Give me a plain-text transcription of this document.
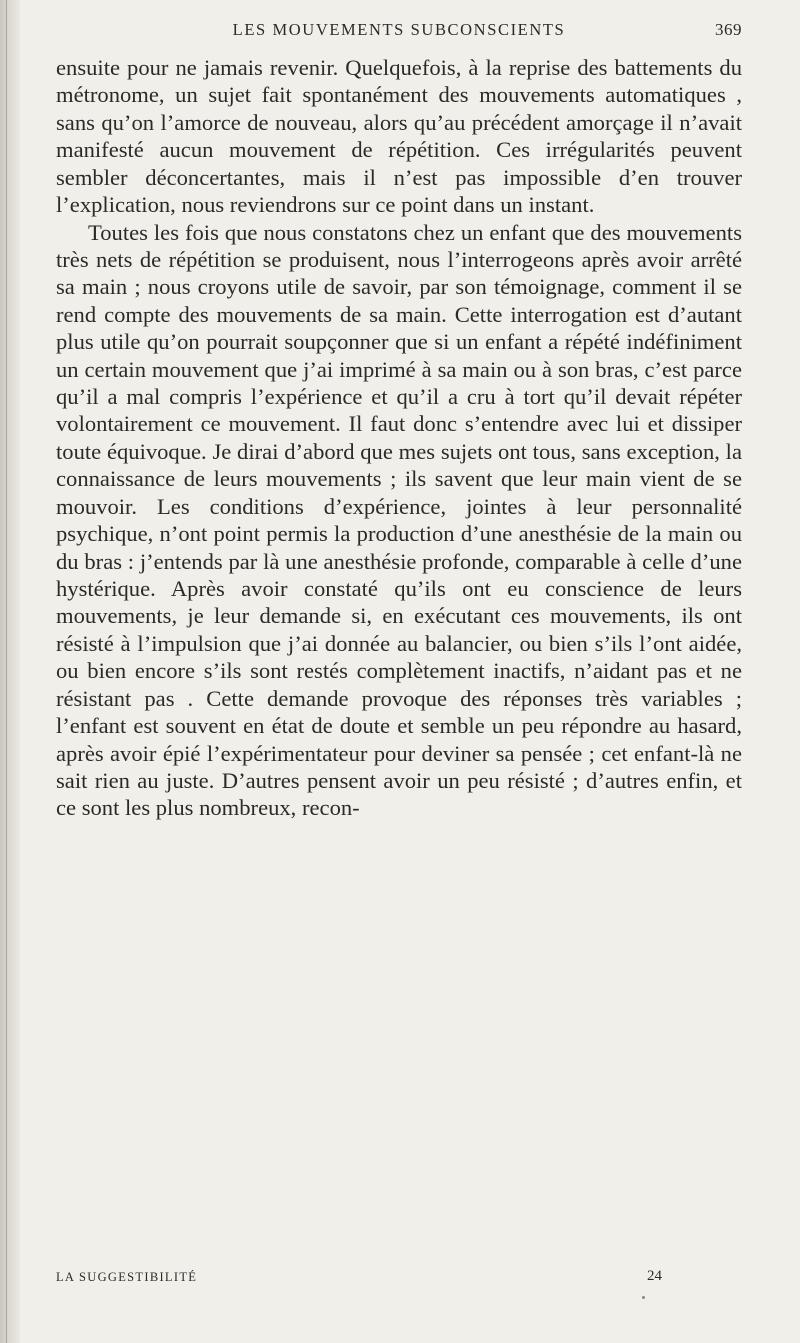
LES MOUVEMENTS SUBCONSCIENTS	369

ensuite pour ne jamais revenir. Quelquefois, à la reprise des battements du métronome, un sujet fait spontanément des mouvements automatiques , sans qu’on l’amorce de nouveau, alors qu’au précédent amorçage il n’avait manifesté aucun mouvement de répétition. Ces irrégularités peuvent sembler déconcertantes, mais il n’est pas impossible d’en trouver l’explication, nous reviendrons sur ce point dans un instant.

Toutes les fois que nous constatons chez un enfant que des mouvements très nets de répétition se produisent, nous l’interrogeons après avoir arrêté sa main ; nous croyons utile de savoir, par son témoignage, comment il se rend compte des mouvements de sa main. Cette interrogation est d’autant plus utile qu’on pourrait soupçonner que si un enfant a répété indéfiniment un certain mouvement que j’ai imprimé à sa main ou à son bras, c’est parce qu’il a mal compris l’expérience et qu’il a cru à tort qu’il devait répéter volontairement ce mouvement. Il faut donc s’entendre avec lui et dissiper toute équivoque. Je dirai d’abord que mes sujets ont tous, sans exception, la connaissance de leurs mouvements ; ils savent que leur main vient de se mouvoir. Les conditions d’expérience, jointes à leur personnalité psychique, n’ont point permis la production d’une anesthésie de la main ou du bras : j’entends par là une anesthésie profonde, comparable à celle d’une hystérique. Après avoir constaté qu’ils ont eu conscience de leurs mouvements, je leur demande si, en exécutant ces mouvements, ils ont résisté à l’impulsion que j’ai donnée au balancier, ou bien s’ils l’ont aidée, ou bien encore s’ils sont restés complètement inactifs, n’aidant pas et ne résistant pas . Cette demande provoque des réponses très variables ; l’enfant est souvent en état de doute et semble un peu répondre au hasard, après avoir épié l’expérimentateur pour deviner sa pensée ; cet enfant-là ne sait rien au juste. D’autres pensent avoir un peu résisté ; d’autres enfin, et ce sont les plus nombreux, recon-

LA SUGGESTIBILITÉ	24
